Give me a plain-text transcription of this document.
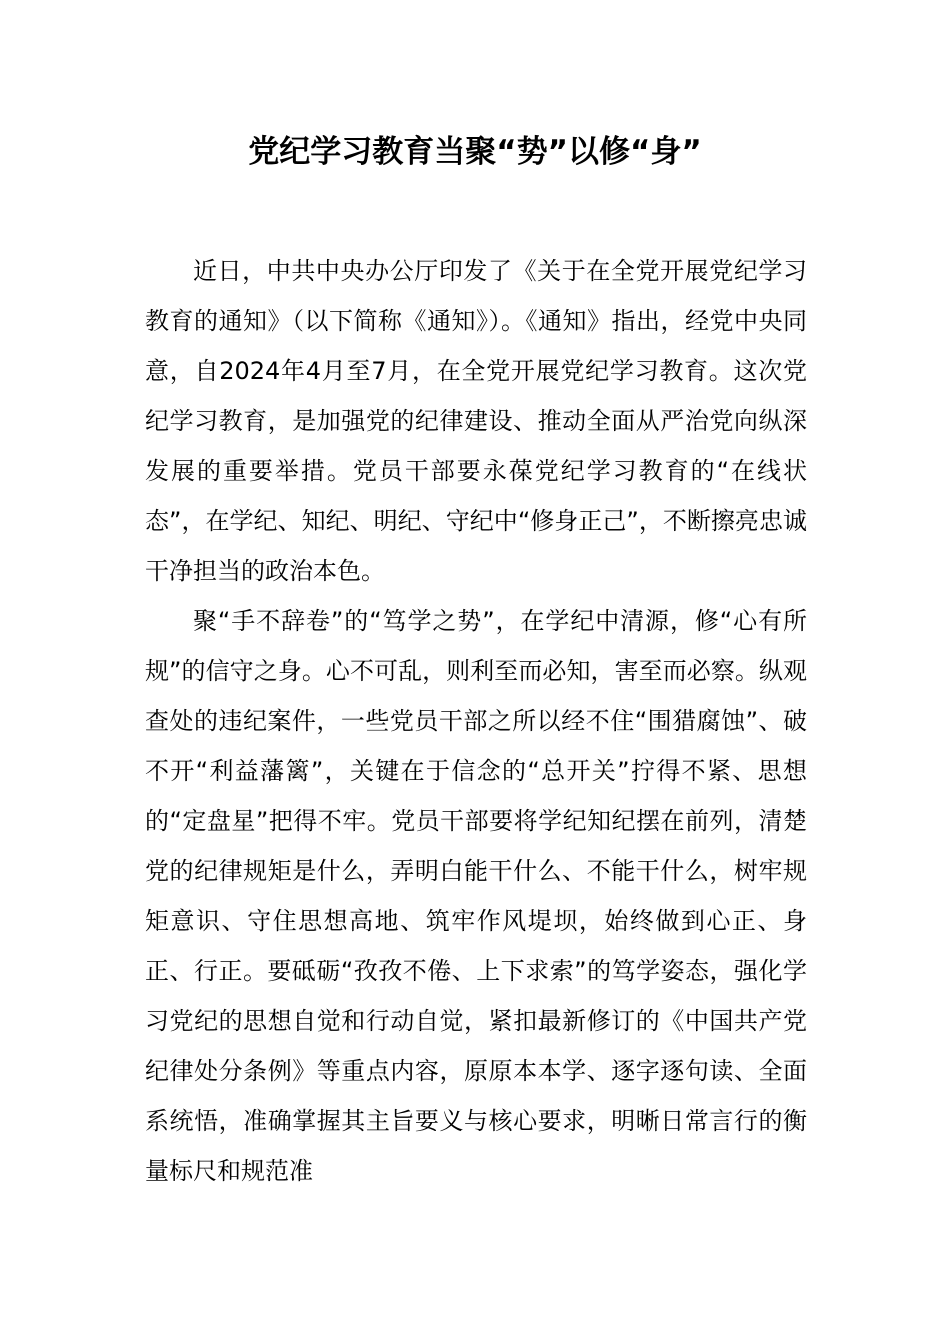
党纪学习教育当聚“势”以修“身”

近日，中共中央办公厅印发了《关于在全党开展党纪学习教育的通知》（以下简称《通知》）。《通知》指出，经党中央同意，自2024年4月至7月，在全党开展党纪学习教育。这次党纪学习教育，是加强党的纪律建设、推动全面从严治党向纵深发展的重要举措。党员干部要永葆党纪学习教育的“在线状态”，在学纪、知纪、明纪、守纪中“修身正己”，不断擦亮忠诚干净担当的政治本色。

聚“手不辞卷”的“笃学之势”，在学纪中清源，修“心有所规”的信守之身。心不可乱，则利至而必知，害至而必察。纵观查处的违纪案件，一些党员干部之所以经不住“围猎腐蚀”、破不开“利益藩篱”，关键在于信念的“总开关”拧得不紧、思想的“定盘星”把得不牢。党员干部要将学纪知纪摆在前列，清楚党的纪律规矩是什么，弄明白能干什么、不能干什么，树牢规矩意识、守住思想高地、筑牢作风堤坝，始终做到心正、身正、行正。要砥砺“孜孜不倦、上下求索”的笃学姿态，强化学习党纪的思想自觉和行动自觉，紧扣最新修订的《中国共产党纪律处分条例》等重点内容，原原本本学、逐字逐句读、全面系统悟，准确掌握其主旨要义与核心要求，明晰日常言行的衡量标尺和规范准
